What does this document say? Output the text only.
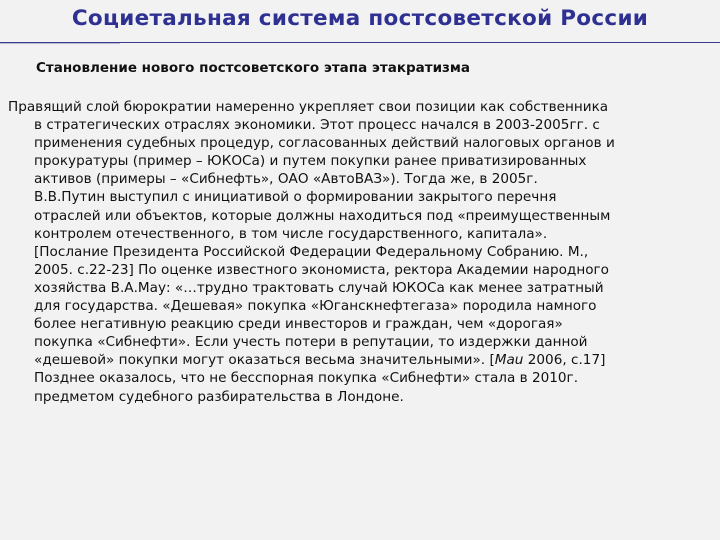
Социетальная система постсоветской России
Становление нового постсоветского этапа этакратизма
Правящий слой бюрократии намеренно укрепляет свои позиции как собственника
в стратегических отраслях экономики. Этот процесс начался в 2003-2005гг. с
применения судебных процедур, согласованных действий налоговых органов и
прокуратуры (пример – ЮКОСа) и путем покупки ранее приватизированных
активов (примеры – «Сибнефть», ОАО «АвтоВАЗ»). Тогда же, в 2005г.
В.В.Путин выступил с инициативой о формировании закрытого перечня
отраслей или объектов, которые должны находиться под «преимущественным
контролем отечественного, в том числе государственного, капитала».
[Послание Президента Российской Федерации Федеральному Собранию. М.,
2005. с.22-23] По оценке известного экономиста, ректора Академии народного
хозяйства В.А.Мау: «…трудно трактовать случай ЮКОСа как менее затратный
для государства. «Дешевая» покупка «Юганскнефтегаза» породила намного
более негативную реакцию среди инвесторов и граждан, чем «дорогая»
покупка «Сибнефти». Если учесть потери в репутации, то издержки данной
«дешевой» покупки могут оказаться весьма значительными». [Mau 2006, с.17]
Позднее оказалось, что не бесспорная покупка «Сибнефти» стала в 2010г.
предметом судебного разбирательства в Лондоне.
